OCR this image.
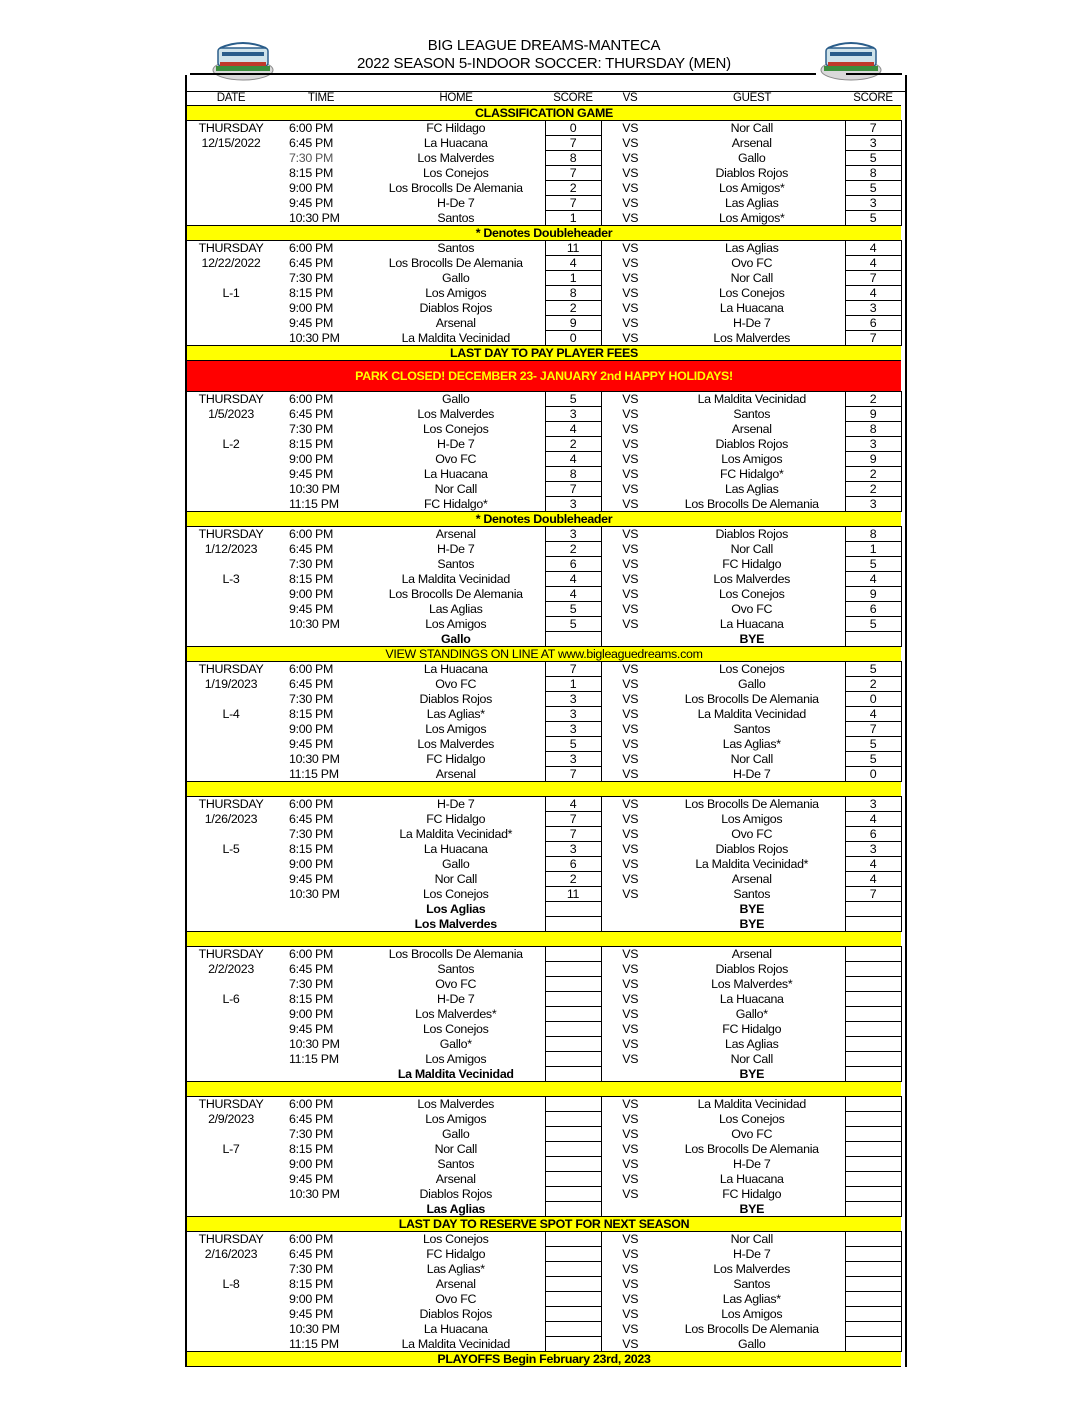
BIG LEAGUE DREAMS-MANTECA
2022 SEASON 5-INDOOR SOCCER: THURSDAY (MEN)
DATE	TIME	HOME	SCORE	VS	GUEST	SCORE
CLASSIFICATION GAME						
THURSDAY	6:00 PM	FC Hildago	0	VS	Nor Call	7
12/15/2022	6:45 PM	La Huacana	7	VS	Arsenal	3
	7:30 PM	Los Malverdes	8	VS	Gallo	5
	8:15 PM	Los Conejos	7	VS	Diablos Rojos	8
	9:00 PM	Los Brocolls De Alemania	2	VS	Los Amigos*	5
	9:45 PM	H-De 7	7	VS	Las Aglias	3
	10:30 PM	Santos	1	VS	Los Amigos*	5
* Denotes Doubleheader						
THURSDAY	6:00 PM	Santos	11	VS	Las Aglias	4
12/22/2022	6:45 PM	Los Brocolls De Alemania	4	VS	Ovo FC	4
	7:30 PM	Gallo	1	VS	Nor Call	7
L-1	8:15 PM	Los Amigos	8	VS	Los Conejos	4
	9:00 PM	Diablos Rojos	2	VS	La Huacana	3
	9:45 PM	Arsenal	9	VS	H-De 7	6
	10:30 PM	La Maldita Vecinidad	0	VS	Los Malverdes	7
LAST DAY TO PAY PLAYER FEES						
PARK CLOSED! DECEMBER 23- JANUARY 2nd HAPPY HOLIDAYS!						
THURSDAY	6:00 PM	Gallo	5	VS	La Maldita Vecinidad	2
1/5/2023	6:45 PM	Los Malverdes	3	VS	Santos	9
	7:30 PM	Los Conejos	4	VS	Arsenal	8
L-2	8:15 PM	H-De 7	2	VS	Diablos Rojos	3
	9:00 PM	Ovo FC	4	VS	Los Amigos	9
	9:45 PM	La Huacana	8	VS	FC Hidalgo*	2
	10:30 PM	Nor Call	7	VS	Las Aglias	2
	11:15 PM	FC Hidalgo*	3	VS	Los Brocolls De Alemania	3
* Denotes Doubleheader						
THURSDAY	6:00 PM	Arsenal	3	VS	Diablos Rojos	8
1/12/2023	6:45 PM	H-De 7	2	VS	Nor Call	1
	7:30 PM	Santos	6	VS	FC Hidalgo	5
L-3	8:15 PM	La Maldita Vecinidad	4	VS	Los Malverdes	4
	9:00 PM	Los Brocolls De Alemania	4	VS	Los Conejos	9
	9:45 PM	Las Aglias	5	VS	Ovo FC	6
	10:30 PM	Los Amigos	5	VS	La Huacana	5
		Gallo			BYE	
VIEW STANDINGS ON LINE AT www.bigleaguedreams.com						
THURSDAY	6:00 PM	La Huacana	7	VS	Los Conejos	5
1/19/2023	6:45 PM	Ovo FC	1	VS	Gallo	2
	7:30 PM	Diablos Rojos	3	VS	Los Brocolls De Alemania	0
L-4	8:15 PM	Las Aglias*	3	VS	La Maldita Vecinidad	4
	9:00 PM	Los Amigos	3	VS	Santos	7
	9:45 PM	Los Malverdes	5	VS	Las Aglias*	5
	10:30 PM	FC Hidalgo	3	VS	Nor Call	5
	11:15 PM	Arsenal	7	VS	H-De 7	0

THURSDAY	6:00 PM	H-De 7	4	VS	Los Brocolls De Alemania	3
1/26/2023	6:45 PM	FC Hidalgo	7	VS	Los Amigos	4
	7:30 PM	La Maldita Vecinidad*	7	VS	Ovo FC	6
L-5	8:15 PM	La Huacana	3	VS	Diablos Rojos	3
	9:00 PM	Gallo	6	VS	La Maldita Vecinidad*	4
	9:45 PM	Nor Call	2	VS	Arsenal	4
	10:30 PM	Los Conejos	11	VS	Santos	7
		Los Aglias			BYE	
		Los Malverdes			BYE	

THURSDAY	6:00 PM	Los Brocolls De Alemania		VS	Arsenal	
2/2/2023	6:45 PM	Santos		VS	Diablos Rojos	
	7:30 PM	Ovo FC		VS	Los Malverdes*	
L-6	8:15 PM	H-De 7		VS	La Huacana	
	9:00 PM	Los Malverdes*		VS	Gallo*	
	9:45 PM	Los Conejos		VS	FC Hidalgo	
	10:30 PM	Gallo*		VS	Las Aglias	
	11:15 PM	Los Amigos		VS	Nor Call	
		La Maldita Vecinidad			BYE	

THURSDAY	6:00 PM	Los Malverdes		VS	La Maldita Vecinidad	
2/9/2023	6:45 PM	Los Amigos		VS	Los Conejos	
	7:30 PM	Gallo		VS	Ovo FC	
L-7	8:15 PM	Nor Call		VS	Los Brocolls De Alemania	
	9:00 PM	Santos		VS	H-De 7	
	9:45 PM	Arsenal		VS	La Huacana	
	10:30 PM	Diablos Rojos		VS	FC Hidalgo	
		Las Aglias			BYE	
LAST DAY TO RESERVE SPOT FOR NEXT SEASON						
THURSDAY	6:00 PM	Los Conejos		VS	Nor Call	
2/16/2023	6:45 PM	FC Hidalgo		VS	H-De 7	
	7:30 PM	Las Aglias*		VS	Los Malverdes	
L-8	8:15 PM	Arsenal		VS	Santos	
	9:00 PM	Ovo FC		VS	Las Aglias*	
	9:45 PM	Diablos Rojos		VS	Los Amigos	
	10:30 PM	La Huacana		VS	Los Brocolls De Alemania	
	11:15 PM	La Maldita Vecinidad		VS	Gallo	
PLAYOFFS Begin February 23rd, 2023						
